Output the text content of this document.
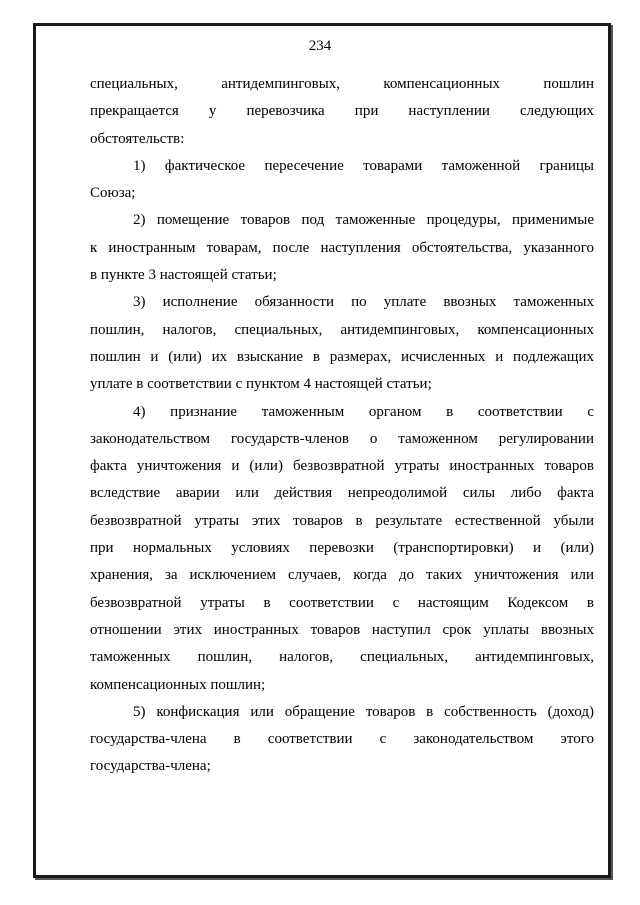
234
специальных, антидемпинговых, компенсационных пошлин
прекращается у перевозчика при наступлении следующих
обстоятельств:
1) фактическое пересечение товарами таможенной границы
Союза;
2) помещение товаров под таможенные процедуры, применимые
к иностранным товарам, после наступления обстоятельства, указанного
в пункте 3 настоящей статьи;
3) исполнение обязанности по уплате ввозных таможенных
пошлин, налогов, специальных, антидемпинговых, компенсационных
пошлин и (или) их взыскание в размерах, исчисленных и подлежащих
уплате в соответствии с пунктом 4 настоящей статьи;
4) признание таможенным органом в соответствии с
законодательством государств-членов о таможенном регулировании
факта уничтожения и (или) безвозвратной утраты иностранных товаров
вследствие аварии или действия непреодолимой силы либо факта
безвозвратной утраты этих товаров в результате естественной убыли
при нормальных условиях перевозки (транспортировки) и (или)
хранения, за исключением случаев, когда до таких уничтожения или
безвозвратной утраты в соответствии с настоящим Кодексом в
отношении этих иностранных товаров наступил срок уплаты ввозных
таможенных пошлин, налогов, специальных, антидемпинговых,
компенсационных пошлин;
5) конфискация или обращение товаров в собственность (доход)
государства-члена в соответствии с законодательством этого
государства-члена;
